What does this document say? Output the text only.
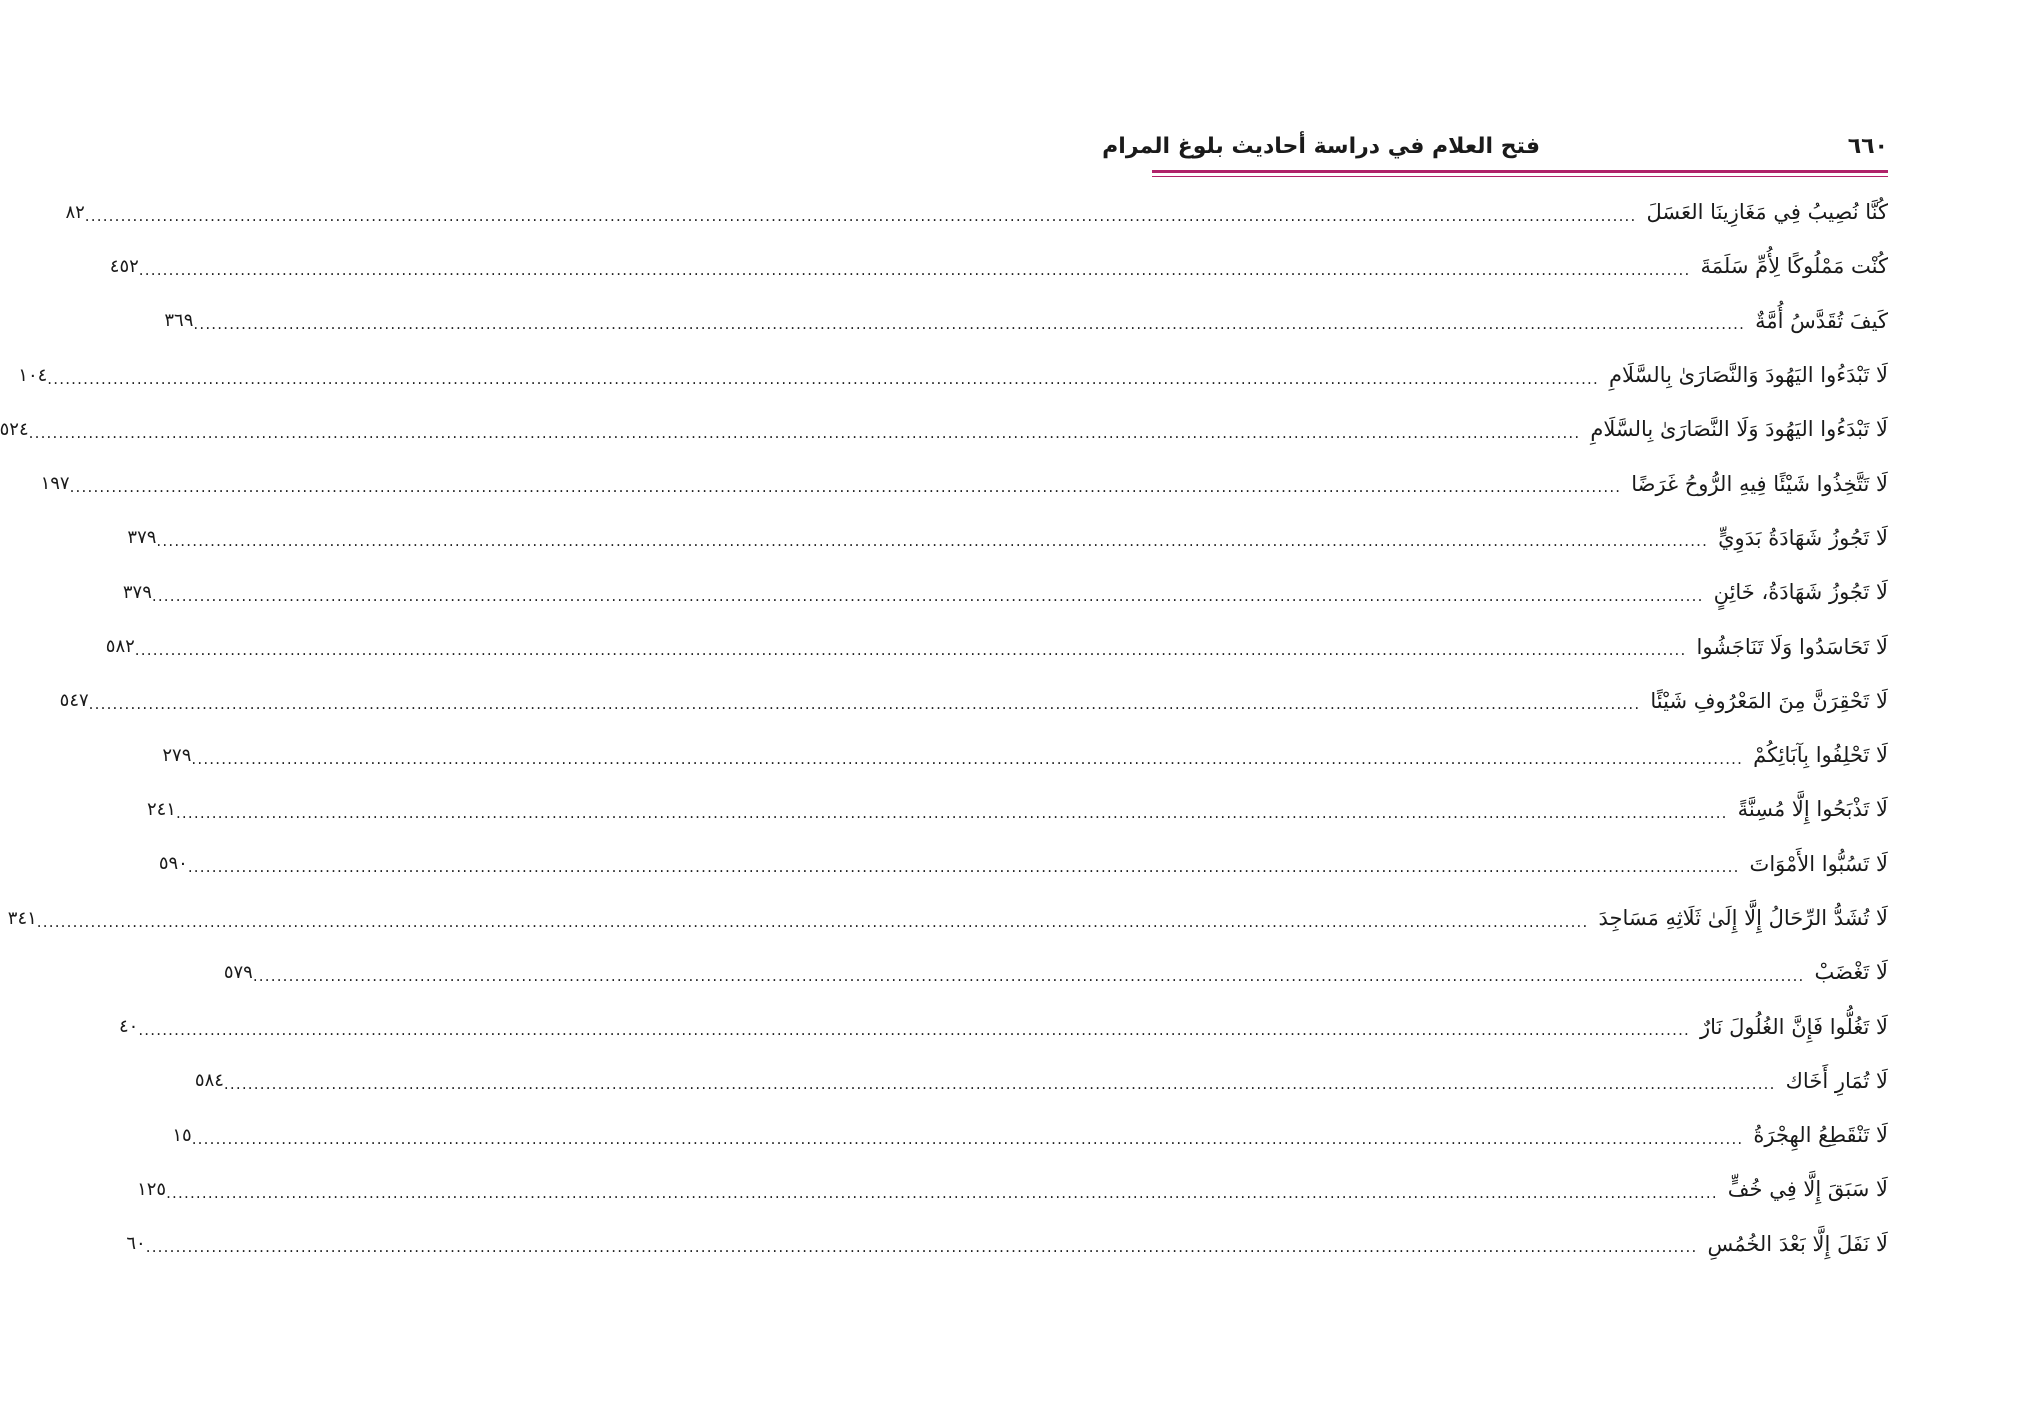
٦٦٠
فتح العلام في دراسة أحاديث بلوغ المرام
كُنَّا نُصِيبُ فِي مَغَازِينَا العَسَلَ
....................................................................................................................................................................................................................................................................
٨٢
كُنْت مَمْلُوكًا لِأُمِّ سَلَمَةَ
....................................................................................................................................................................................................................................................................
٤٥٢
كَيفَ تُقَدَّسُ أُمَّةٌ
....................................................................................................................................................................................................................................................................
٣٦٩
لَا تَبْدَءُوا اليَهُودَ وَالنَّصَارَىٰ بِالسَّلَامِ
....................................................................................................................................................................................................................................................................
١٠٤
لَا تَبْدَءُوا اليَهُودَ وَلَا النَّصَارَىٰ بِالسَّلَامِ
....................................................................................................................................................................................................................................................................
٥٢٤
لَا تَتَّخِذُوا شَيْئًا فِيهِ الرُّوحُ غَرَضًا
....................................................................................................................................................................................................................................................................
١٩٧
لَا تَجُوزُ شَهَادَةُ بَدَوِيٍّ
....................................................................................................................................................................................................................................................................
٣٧٩
لَا تَجُوزُ شَهَادَةُ، خَائِنٍ
....................................................................................................................................................................................................................................................................
٣٧٩
لَا تَحَاسَدُوا وَلَا تَنَاجَشُوا
....................................................................................................................................................................................................................................................................
٥٨٢
لَا تَحْقِرَنَّ مِنَ المَعْرُوفِ شَيْئًا
....................................................................................................................................................................................................................................................................
٥٤٧
لَا تَحْلِفُوا بِآبَائِكُمْ
....................................................................................................................................................................................................................................................................
٢٧٩
لَا تَذْبَحُوا إِلَّا مُسِنَّةً
....................................................................................................................................................................................................................................................................
٢٤١
لَا تَسُبُّوا الأَمْوَاتَ
....................................................................................................................................................................................................................................................................
٥٩٠
لَا تُشَدُّ الرِّحَالُ إِلَّا إِلَىٰ ثَلَاثِهِ مَسَاجِدَ
....................................................................................................................................................................................................................................................................
٣٤١
لَا تَغْضَبْ
....................................................................................................................................................................................................................................................................
٥٧٩
لَا تَغُلُّوا فَإِنَّ الغُلُولَ نَارٌ
....................................................................................................................................................................................................................................................................
٤٠
لَا تُمَارِ أَخَاك
....................................................................................................................................................................................................................................................................
٥٨٤
لَا تَنْقَطِعُ الهِجْرَةُ
....................................................................................................................................................................................................................................................................
١٥
لَا سَبَقَ إِلَّا فِي خُفٍّ
....................................................................................................................................................................................................................................................................
١٢٥
لَا نَفَلَ إِلَّا بَعْدَ الخُمُسِ
....................................................................................................................................................................................................................................................................
٦٠
